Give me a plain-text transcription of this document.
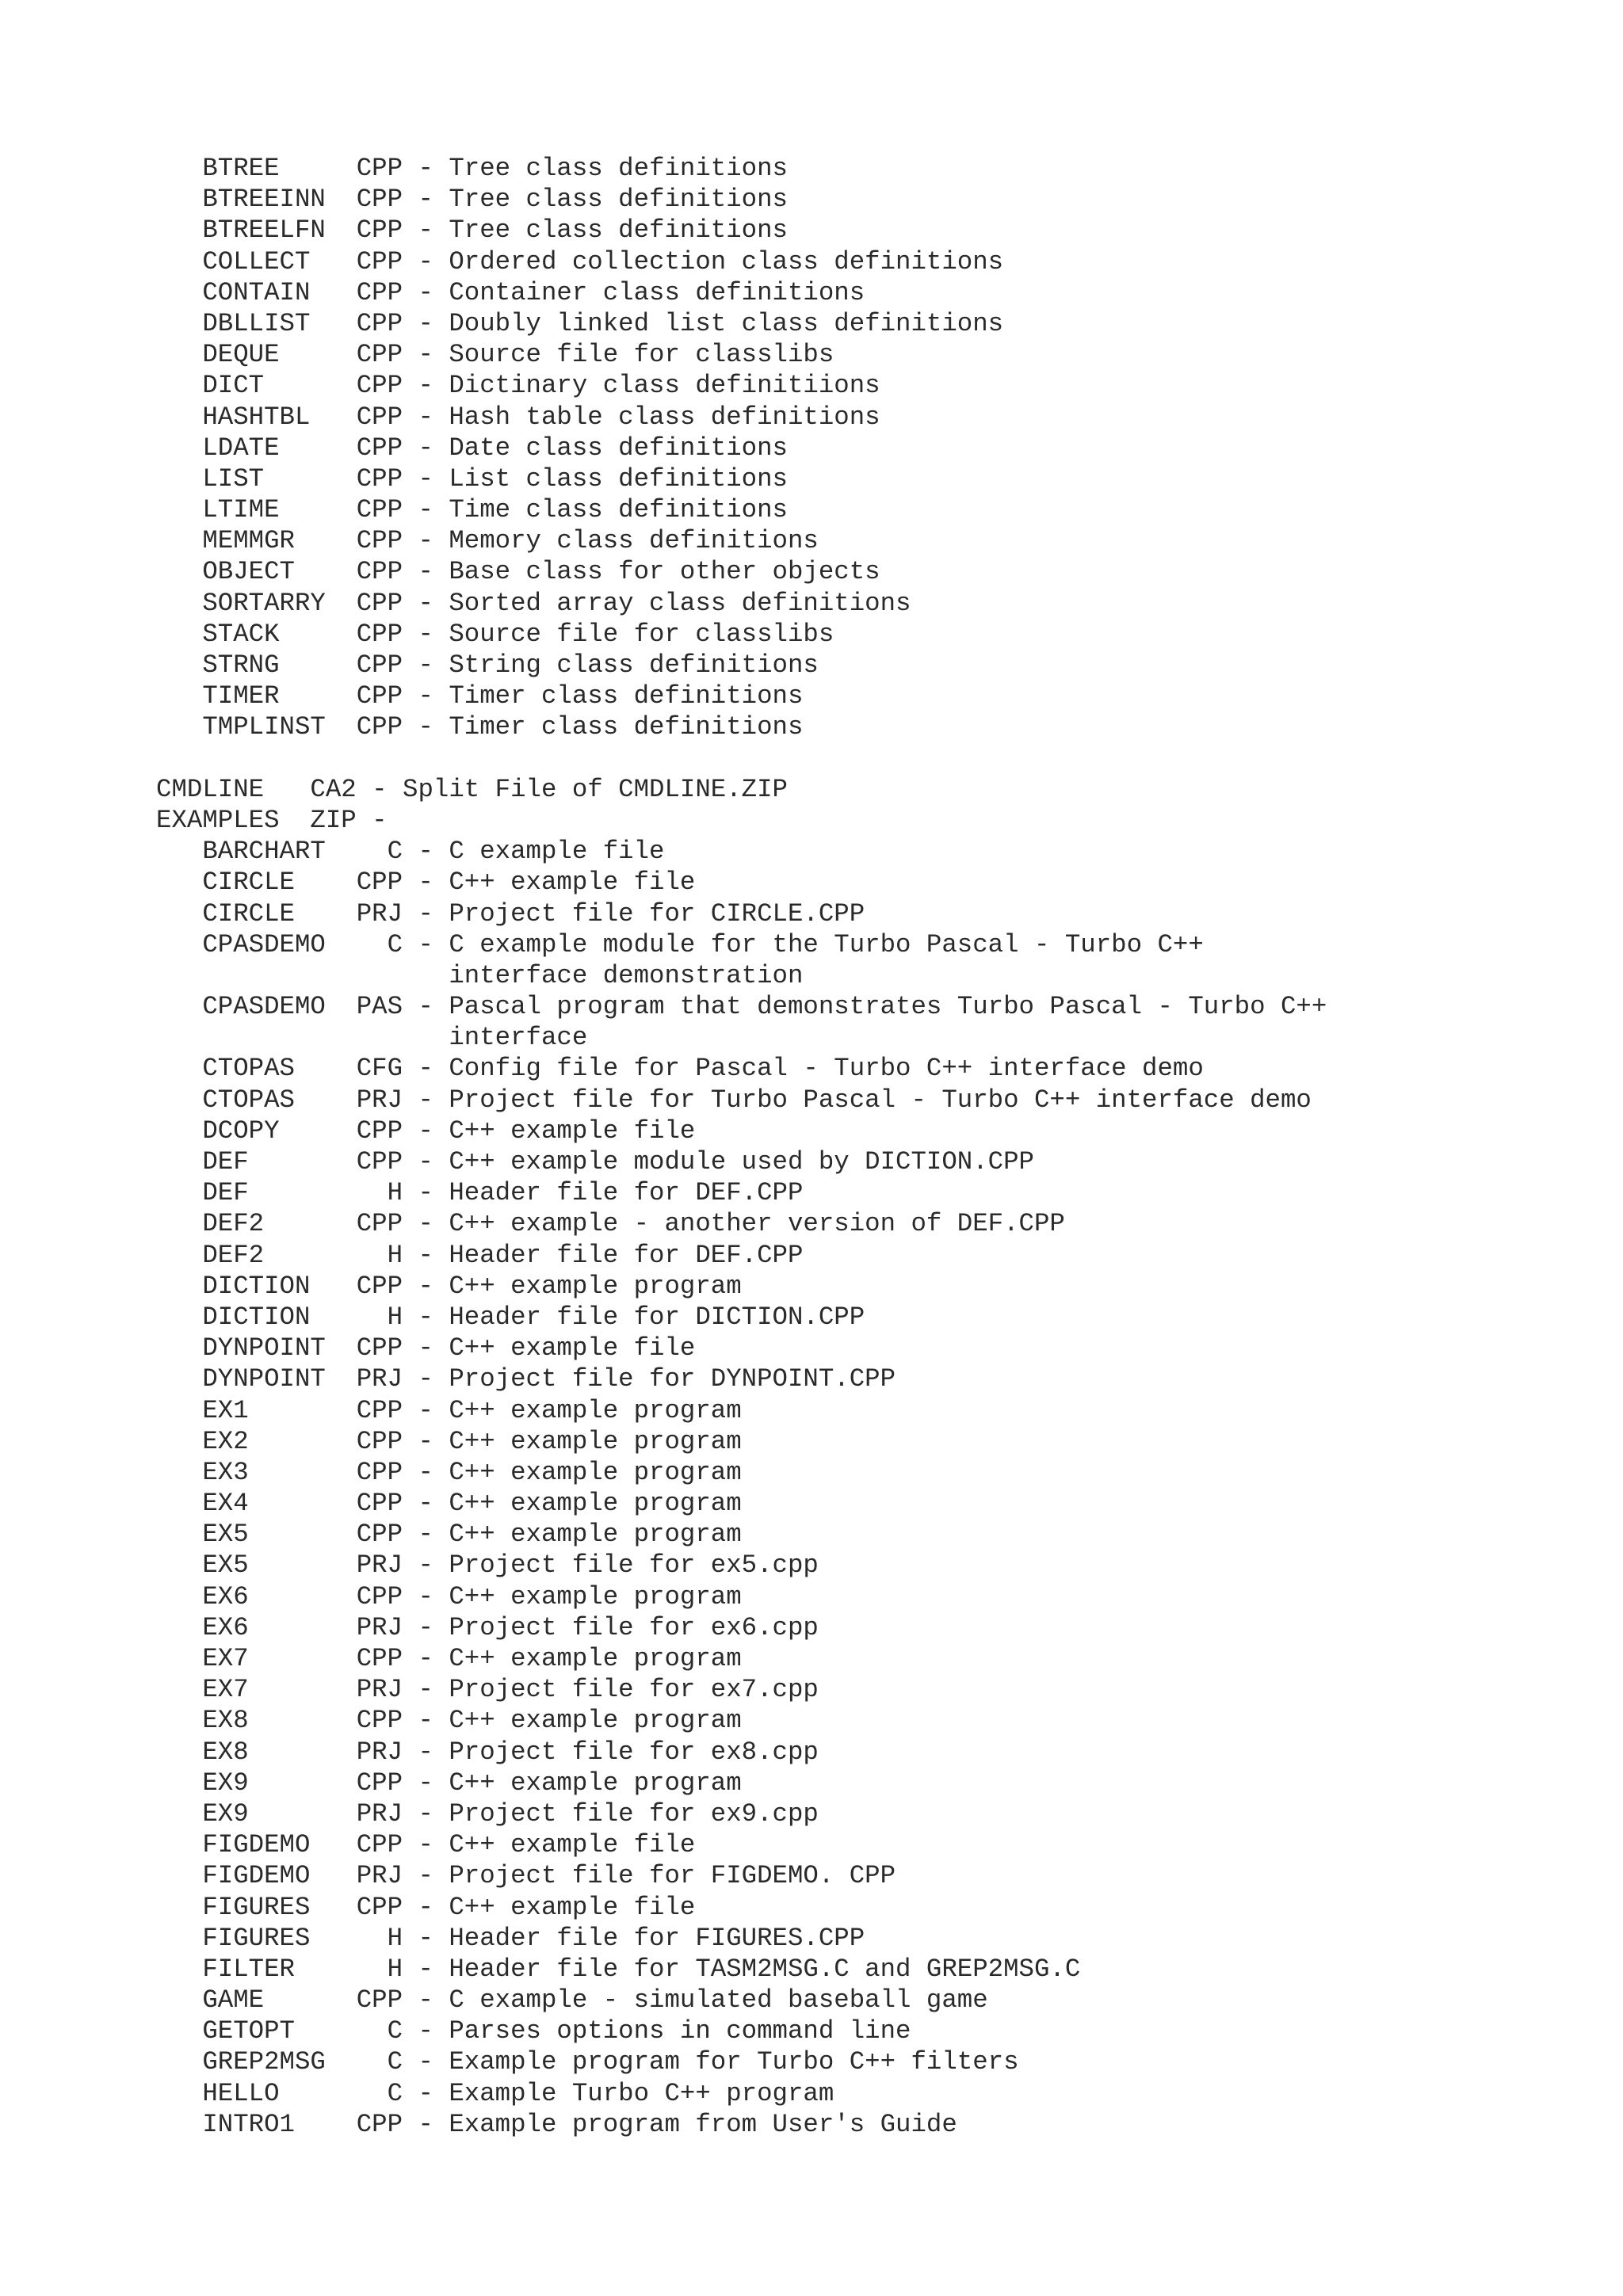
BTREE     CPP - Tree class definitions
BTREEINN  CPP - Tree class definitions
BTREELFN  CPP - Tree class definitions
COLLECT   CPP - Ordered collection class definitions
CONTAIN   CPP - Container class definitions
DBLLIST   CPP - Doubly linked list class definitions
DEQUE     CPP - Source file for classlibs
DICT      CPP - Dictinary class definitiions
HASHTBL   CPP - Hash table class definitions
LDATE     CPP - Date class definitions
LIST      CPP - List class definitions
LTIME     CPP - Time class definitions
MEMMGR    CPP - Memory class definitions
OBJECT    CPP - Base class for other objects
SORTARRY  CPP - Sorted array class definitions
STACK     CPP - Source file for classlibs
STRNG     CPP - String class definitions
TIMER     CPP - Timer class definitions
TMPLINST  CPP - Timer class definitions
CMDLINE   CA2 - Split File of CMDLINE.ZIP
EXAMPLES  ZIP -
BARCHART    C - C example file
CIRCLE    CPP - C++ example file
CIRCLE    PRJ - Project file for CIRCLE.CPP
CPASDEMO    C - C example module for the Turbo Pascal - Turbo C++
interface demonstration
CPASDEMO  PAS - Pascal program that demonstrates Turbo Pascal - Turbo C++
interface
CTOPAS    CFG - Config file for Pascal - Turbo C++ interface demo
CTOPAS    PRJ - Project file for Turbo Pascal - Turbo C++ interface demo
DCOPY     CPP - C++ example file
DEF       CPP - C++ example module used by DICTION.CPP
DEF         H - Header file for DEF.CPP
DEF2      CPP - C++ example - another version of DEF.CPP
DEF2        H - Header file for DEF.CPP
DICTION   CPP - C++ example program
DICTION     H - Header file for DICTION.CPP
DYNPOINT  CPP - C++ example file
DYNPOINT  PRJ - Project file for DYNPOINT.CPP
EX1       CPP - C++ example program
EX2       CPP - C++ example program
EX3       CPP - C++ example program
EX4       CPP - C++ example program
EX5       CPP - C++ example program
EX5       PRJ - Project file for ex5.cpp
EX6       CPP - C++ example program
EX6       PRJ - Project file for ex6.cpp
EX7       CPP - C++ example program
EX7       PRJ - Project file for ex7.cpp
EX8       CPP - C++ example program
EX8       PRJ - Project file for ex8.cpp
EX9       CPP - C++ example program
EX9       PRJ - Project file for ex9.cpp
FIGDEMO   CPP - C++ example file
FIGDEMO   PRJ - Project file for FIGDEMO. CPP
FIGURES   CPP - C++ example file
FIGURES     H - Header file for FIGURES.CPP
FILTER      H - Header file for TASM2MSG.C and GREP2MSG.C
GAME      CPP - C example - simulated baseball game
GETOPT      C - Parses options in command line
GREP2MSG    C - Example program for Turbo C++ filters
HELLO       C - Example Turbo C++ program
INTRO1    CPP - Example program from User's Guide
